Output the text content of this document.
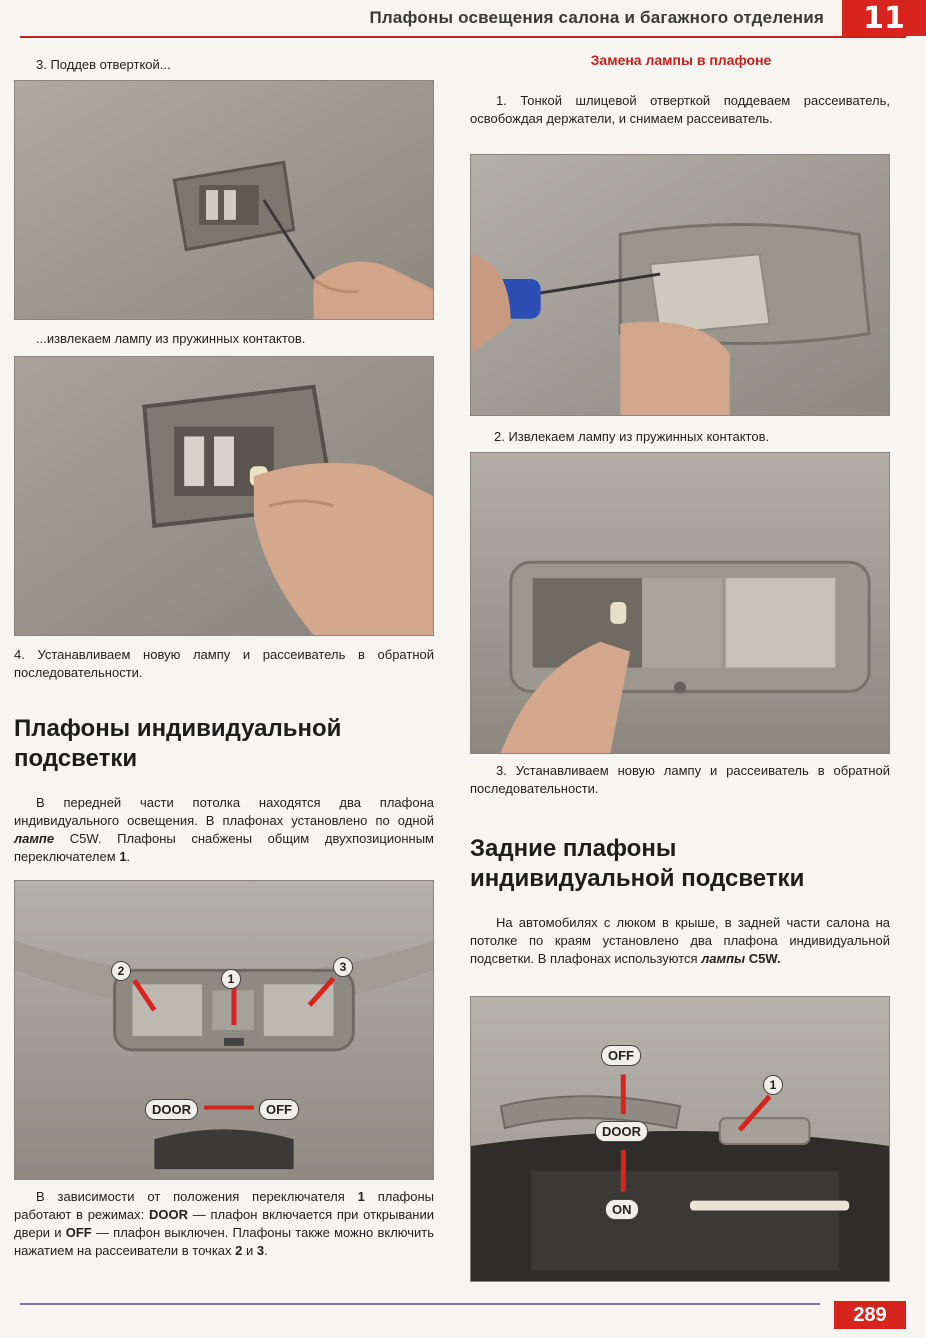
Плафоны освещения салона и багажного отделения	11
3. Поддев отверткой...
...извлекаем лампу из пружинных контактов.
4. Устанавливаем новую лампу и рассеиватель в обратной последовательности.
Плафоны индивидуальной
подсветки
В передней части потолка находятся два плафона индивидуального освещения. В плафонах установлено по одной лампе C5W. Плафоны снабжены общим двухпозиционным переключателем 1.
2
1
3
DOOR	OFF
В зависимости от положения переключателя 1 плафоны работают в режимах: DOOR — плафон включается при открывании двери и OFF — плафон выключен. Плафоны также можно включить нажатием на рассеиватели в точках 2 и 3.
Замена лампы в плафоне
1. Тонкой шлицевой отверткой поддеваем рассеиватель, освобождая держатели, и снимаем рассеиватель.
2. Извлекаем лампу из пружинных контактов.
3. Устанавливаем новую лампу и рассеиватель в обратной последовательности.
Задние плафоны
индивидуальной подсветки
На автомобилях с люком в крыше, в задней части салона на потолке по краям установлено два плафона индивидуальной подсветки. В плафонах используются лампы C5W.
OFF
DOOR
ON
1
289
